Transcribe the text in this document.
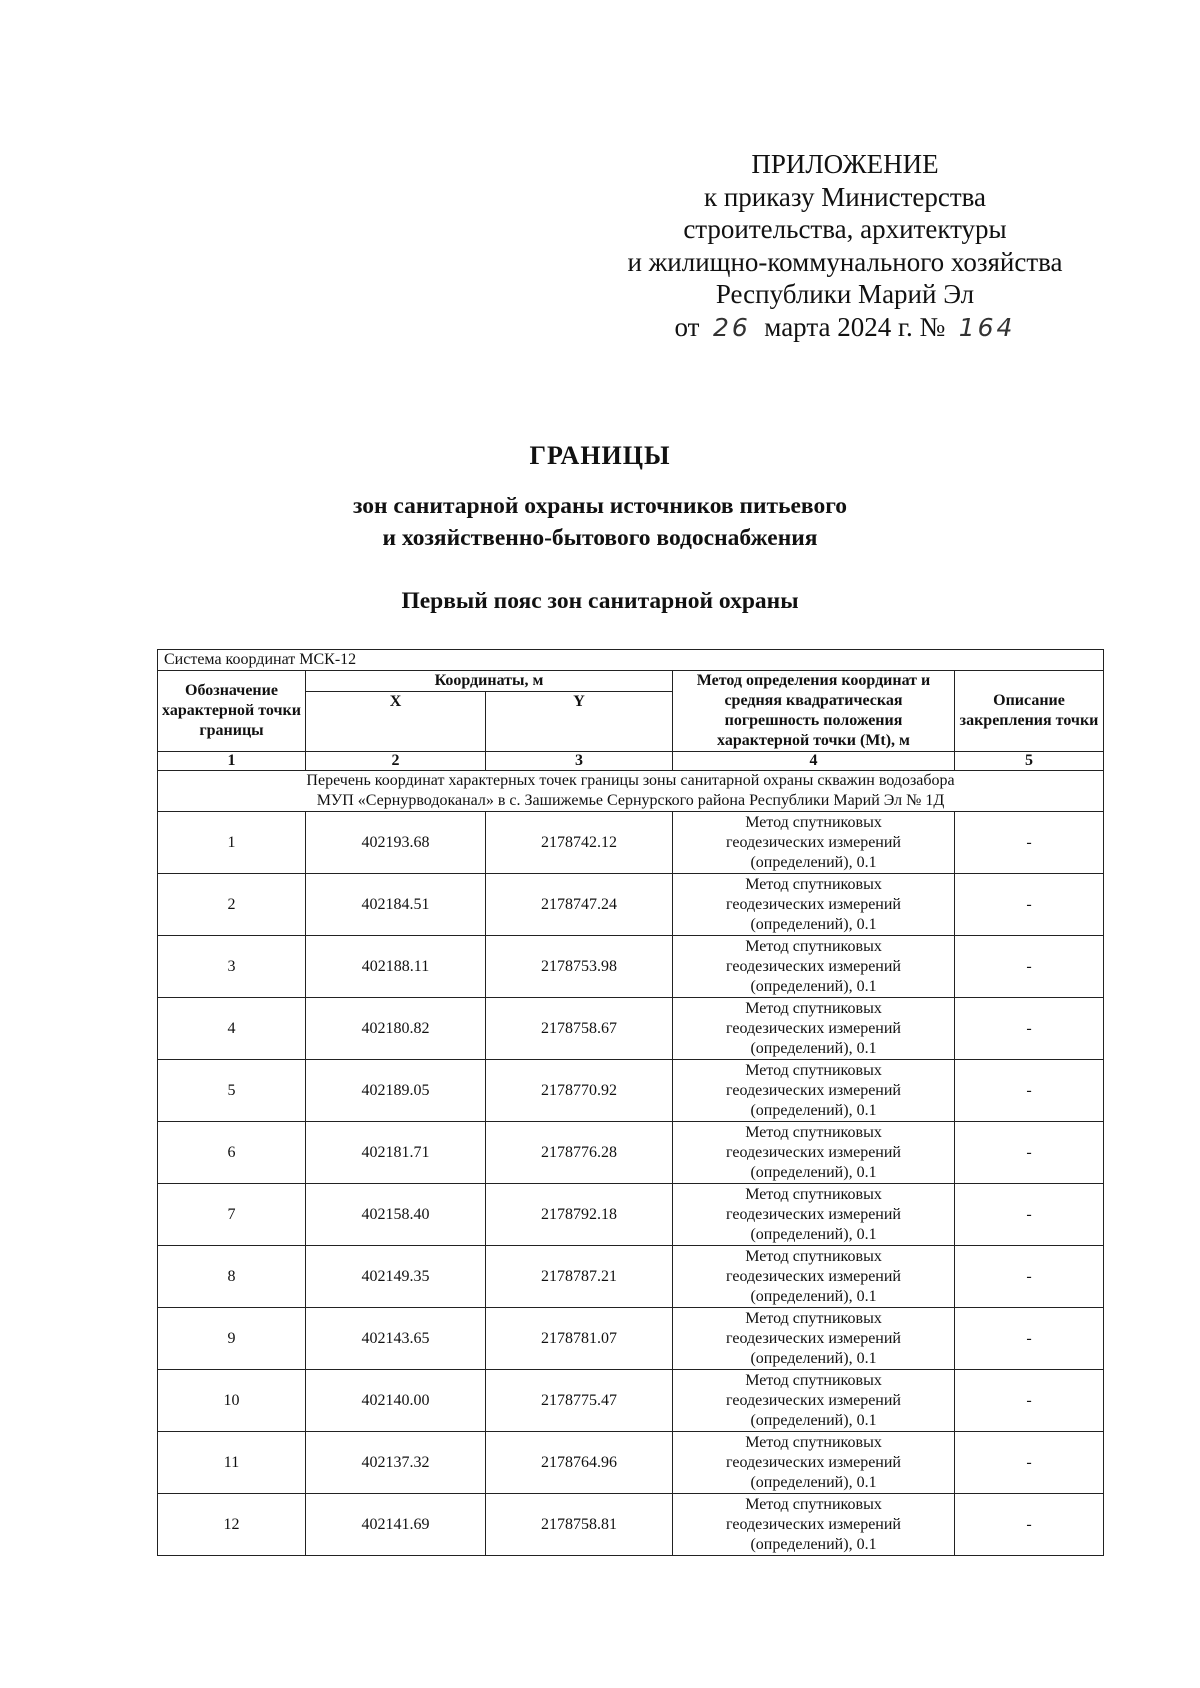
ПРИЛОЖЕНИЕ
к приказу Министерства
строительства, архитектуры
и жилищно-коммунального хозяйства
Республики Марий Эл
от 26 марта 2024 г. № 164
ГРАНИЦЫ
зон санитарной охраны источников питьевого
и хозяйственно-бытового водоснабжения
Первый пояс зон санитарной охраны
Система координат МСК-12				
Обозначение характерной точки границы	Координаты, м		Метод определения координат и средняя квадратическая погрешность положения характерной точки (Mt), м	Описание закрепления точки
	X	Y		
1	2	3	4	5

Перечень координат характерных точек границы зоны санитарной охраны скважин водозабора
МУП «Сернурводоканал» в с. Зашижемье Сернурского района Республики Марий Эл № 1Д				

1	402193.68	2178742.12	Метод спутниковых
геодезических измерений
(определений), 0.1	-
2	402184.51	2178747.24	Метод спутниковых
геодезических измерений
(определений), 0.1	-
3	402188.11	2178753.98	Метод спутниковых
геодезических измерений
(определений), 0.1	-
4	402180.82	2178758.67	Метод спутниковых
геодезических измерений
(определений), 0.1	-
5	402189.05	2178770.92	Метод спутниковых
геодезических измерений
(определений), 0.1	-
6	402181.71	2178776.28	Метод спутниковых
геодезических измерений
(определений), 0.1	-
7	402158.40	2178792.18	Метод спутниковых
геодезических измерений
(определений), 0.1	-
8	402149.35	2178787.21	Метод спутниковых
геодезических измерений
(определений), 0.1	-
9	402143.65	2178781.07	Метод спутниковых
геодезических измерений
(определений), 0.1	-
10	402140.00	2178775.47	Метод спутниковых
геодезических измерений
(определений), 0.1	-
11	402137.32	2178764.96	Метод спутниковых
геодезических измерений
(определений), 0.1	-
12	402141.69	2178758.81	Метод спутниковых
геодезических измерений
(определений), 0.1	-
